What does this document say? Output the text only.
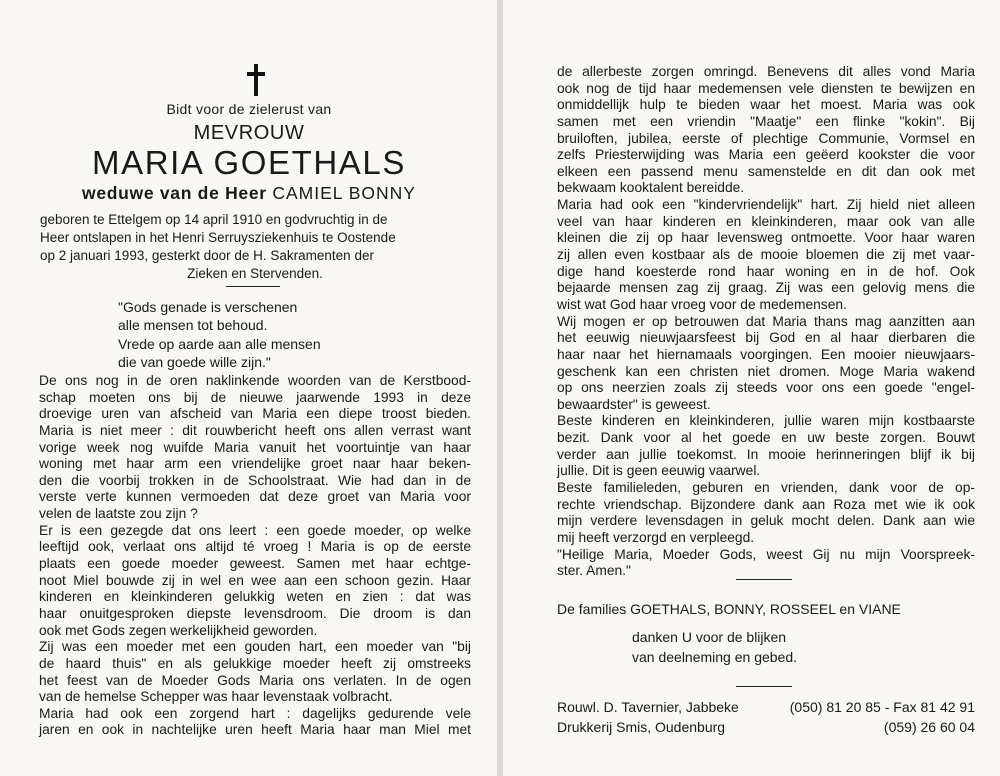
Bidt voor de zielerust van
MEVROUW
MARIA GOETHALS
weduwe van de Heer CAMIEL BONNY
geboren te Ettelgem op 14 april 1910 en godvruchtig in de
Heer ontslapen in het Henri Serruysziekenhuis te Oostende
op 2 januari 1993, gesterkt door de H. Sakramenten der
Zieken en Stervenden.
"Gods genade is verschenen
alle mensen tot behoud.
Vrede op aarde aan alle mensen
die van goede wille zijn."
De ons nog in de oren naklinkende woorden van de Kerstbood-
schap moeten ons bij de nieuwe jaarwende 1993 in deze
droevige uren van afscheid van Maria een diepe troost bieden.
Maria is niet meer : dit rouwbericht heeft ons allen verrast want
vorige week nog wuifde Maria vanuit het voortuintje van haar
woning met haar arm een vriendelijke groet naar haar beken-
den die voorbij trokken in de Schoolstraat. Wie had dan in de
verste verte kunnen vermoeden dat deze groet van Maria voor
velen de laatste zou zijn ?
Er is een gezegde dat ons leert : een goede moeder, op welke
leeftijd ook, verlaat ons altijd té vroeg ! Maria is op de eerste
plaats een goede moeder geweest. Samen met haar echtge-
noot Miel bouwde zij in wel en wee aan een schoon gezin. Haar
kinderen en kleinkinderen gelukkig weten en zien : dat was
haar onuitgesproken diepste levensdroom. Die droom is dan
ook met Gods zegen werkelijkheid geworden.
Zij was een moeder met een gouden hart, een moeder van "bij
de haard thuis" en als gelukkige moeder heeft zij omstreeks
het feest van de Moeder Gods Maria ons verlaten. In de ogen
van de hemelse Schepper was haar levenstaak volbracht.
Maria had ook een zorgend hart : dagelijks gedurende vele
jaren en ook in nachtelijke uren heeft Maria haar man Miel met
de allerbeste zorgen omringd. Benevens dit alles vond Maria
ook nog de tijd haar medemensen vele diensten te bewijzen en
onmiddellijk hulp te bieden waar het moest. Maria was ook
samen met een vriendin "Maatje" een flinke "kokin". Bij
bruiloften, jubilea, eerste of plechtige Communie, Vormsel en
zelfs Priesterwijding was Maria een geëerd kookster die voor
elkeen een passend menu samenstelde en dit dan ook met
bekwaam kooktalent bereidde.
Maria had ook een "kindervriendelijk" hart. Zij hield niet alleen
veel van haar kinderen en kleinkinderen, maar ook van alle
kleinen die zij op haar levensweg ontmoette. Voor haar waren
zij allen even kostbaar als de mooie bloemen die zij met vaar-
dige hand koesterde rond haar woning en in de hof. Ook
bejaarde mensen zag zij graag. Zij was een gelovig mens die
wist wat God haar vroeg voor de medemensen.
Wij mogen er op betrouwen dat Maria thans mag aanzitten aan
het eeuwig nieuwjaarsfeest bij God en al haar dierbaren die
haar naar het hiernamaals voorgingen. Een mooier nieuwjaars-
geschenk kan een christen niet dromen. Moge Maria wakend
op ons neerzien zoals zij steeds voor ons een goede "engel-
bewaardster" is geweest.
Beste kinderen en kleinkinderen, jullie waren mijn kostbaarste
bezit. Dank voor al het goede en uw beste zorgen. Bouwt
verder aan jullie toekomst. In mooie herinneringen blijf ik bij
jullie. Dit is geen eeuwig vaarwel.
Beste familieleden, geburen en vrienden, dank voor de op-
rechte vriendschap. Bijzondere dank aan Roza met wie ik ook
mijn verdere levensdagen in geluk mocht delen. Dank aan wie
mij heeft verzorgd en verpleegd.
"Heilige Maria, Moeder Gods, weest Gij nu mijn Voorspreek-
ster. Amen."
De families GOETHALS, BONNY, ROSSEEL en VIANE
danken U voor de blijken
van deelneming en gebed.
Rouwl. D. Tavernier, Jabbeke	(050) 81 20 85 - Fax 81 42 91
Drukkerij Smis, Oudenburg	(059) 26 60 04
